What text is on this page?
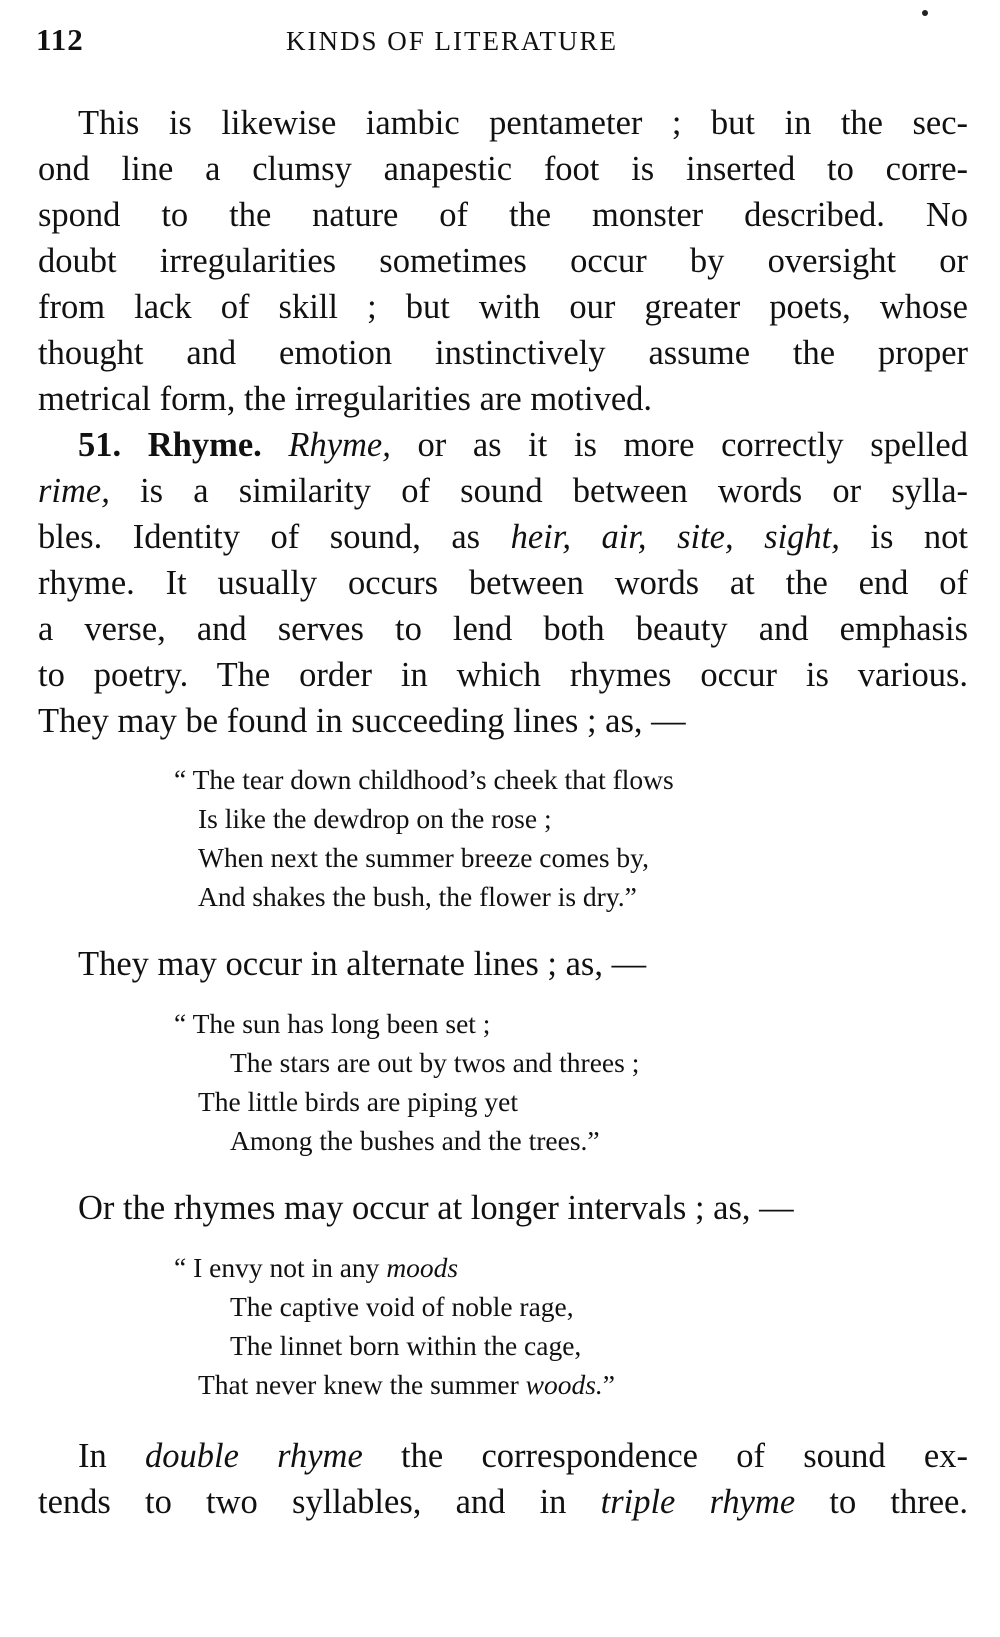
112	KINDS OF LITERATURE
This is likewise iambic pentameter ; but in the sec-
ond line a clumsy anapestic foot is inserted to corre-
spond to the nature of the monster described. No
doubt irregularities sometimes occur by oversight or
from lack of skill ; but with our greater poets, whose
thought and emotion instinctively assume the proper
metrical form, the irregularities are motived.
51. Rhyme. Rhyme, or as it is more correctly spelled
rime, is a similarity of sound between words or sylla-
bles. Identity of sound, as heir, air, site, sight, is not
rhyme. It usually occurs between words at the end of
a verse, and serves to lend both beauty and emphasis
to poetry. The order in which rhymes occur is various.
They may be found in succeeding lines ; as, —
“ The tear down childhood’s cheek that flows
Is like the dewdrop on the rose ;
When next the summer breeze comes by,
And shakes the bush, the flower is dry.”
They may occur in alternate lines ; as, —
“ The sun has long been set ;
The stars are out by twos and threes ;
The little birds are piping yet
Among the bushes and the trees.”
Or the rhymes may occur at longer intervals ; as, —
“ I envy not in any moods
The captive void of noble rage,
The linnet born within the cage,
That never knew the summer woods.”
In double rhyme the correspondence of sound ex-
tends to two syllables, and in triple rhyme to three.
